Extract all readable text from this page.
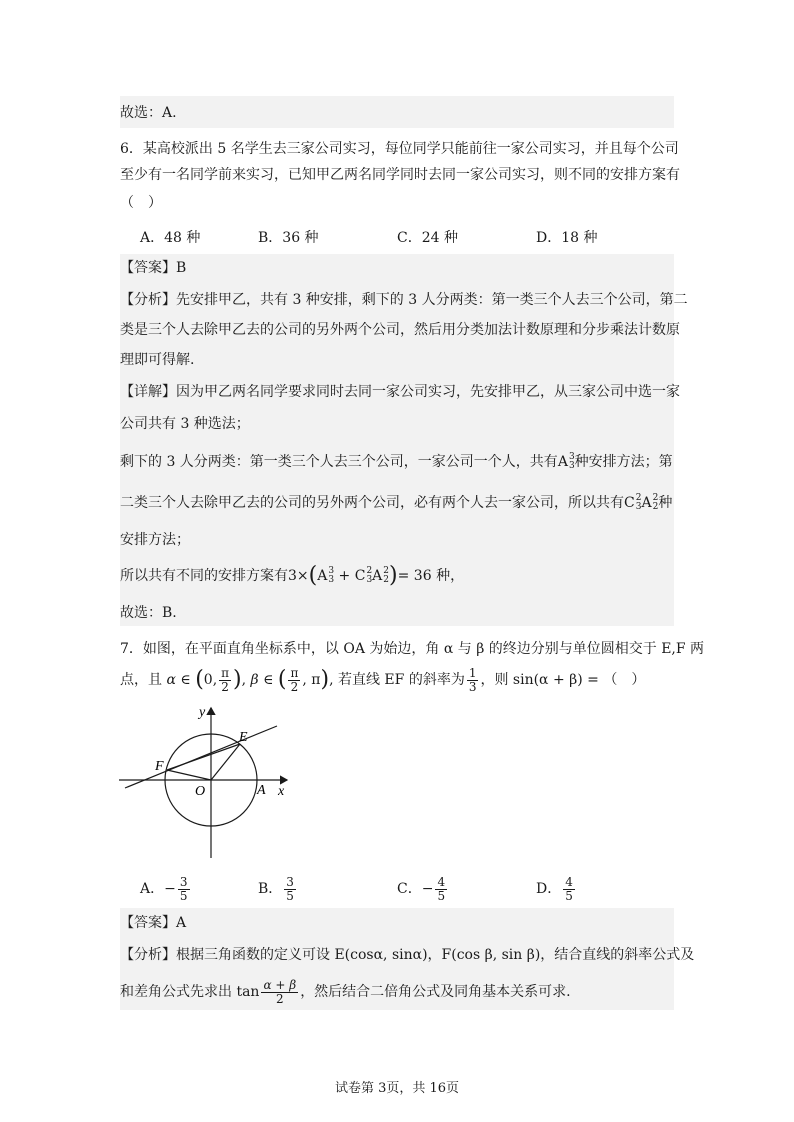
故选：A.
6．某高校派出 5 名学生去三家公司实习，每位同学只能前往一家公司实习，并且每个公司
至少有一名同学前来实习，已知甲乙两名同学同时去同一家公司实习，则不同的安排方案有
（　）
A．48 种	B．36 种	C．24 种	D．18 种
【答案】B
【分析】先安排甲乙，共有 3 种安排，剩下的 3 人分两类：第一类三个人去三个公司，第二
类是三个人去除甲乙去的公司的另外两个公司，然后用分类加法计数原理和分步乘法计数原
理即可得解.
【详解】因为甲乙两名同学要求同时去同一家公司实习，先安排甲乙，从三家公司中选一家
公司共有 3 种选法；
剩下的 3 人分两类：第一类三个人去三个公司，一家公司一个人，共有A 3
3 种安排方法；第
二类三个人去除甲乙去的公司的另外两个公司，必有两个人去一家公司，所以共有C 2
3 A 2
2 种
安排方法；
所以共有不同的安排方案有3×(A 3
3 + C 2
3 A 2
2 )= 36 种，
故选：B.
7．如图，在平面直角坐标系中，以 OA 为始边，角 α 与 β 的终边分别与单位圆相交于 E,F 两
点，且 α ∈ (0, $\frac{\pi}{2}$ ), β ∈ ( $\frac{\pi}{2}$ , π), 若直线 EF 的斜率为 $\frac{1}{3}$ ，则 sin(α + β) = （　）
y
x
E
F
O	A
A．− $\frac{3}{5}$	B． $\frac{3}{5}$	C．− $\frac{4}{5}$	D． $\frac{4}{5}$
【答案】A
【分析】根据三角函数的定义可设 E(cosα, sinα)，F(cos β, sin β)，结合直线的斜率公式及
和差角公式先求出 $\tan \frac{\alpha + \beta}{2}$ ，然后结合二倍角公式及同角基本关系可求.
试卷第 3页，共 16页
